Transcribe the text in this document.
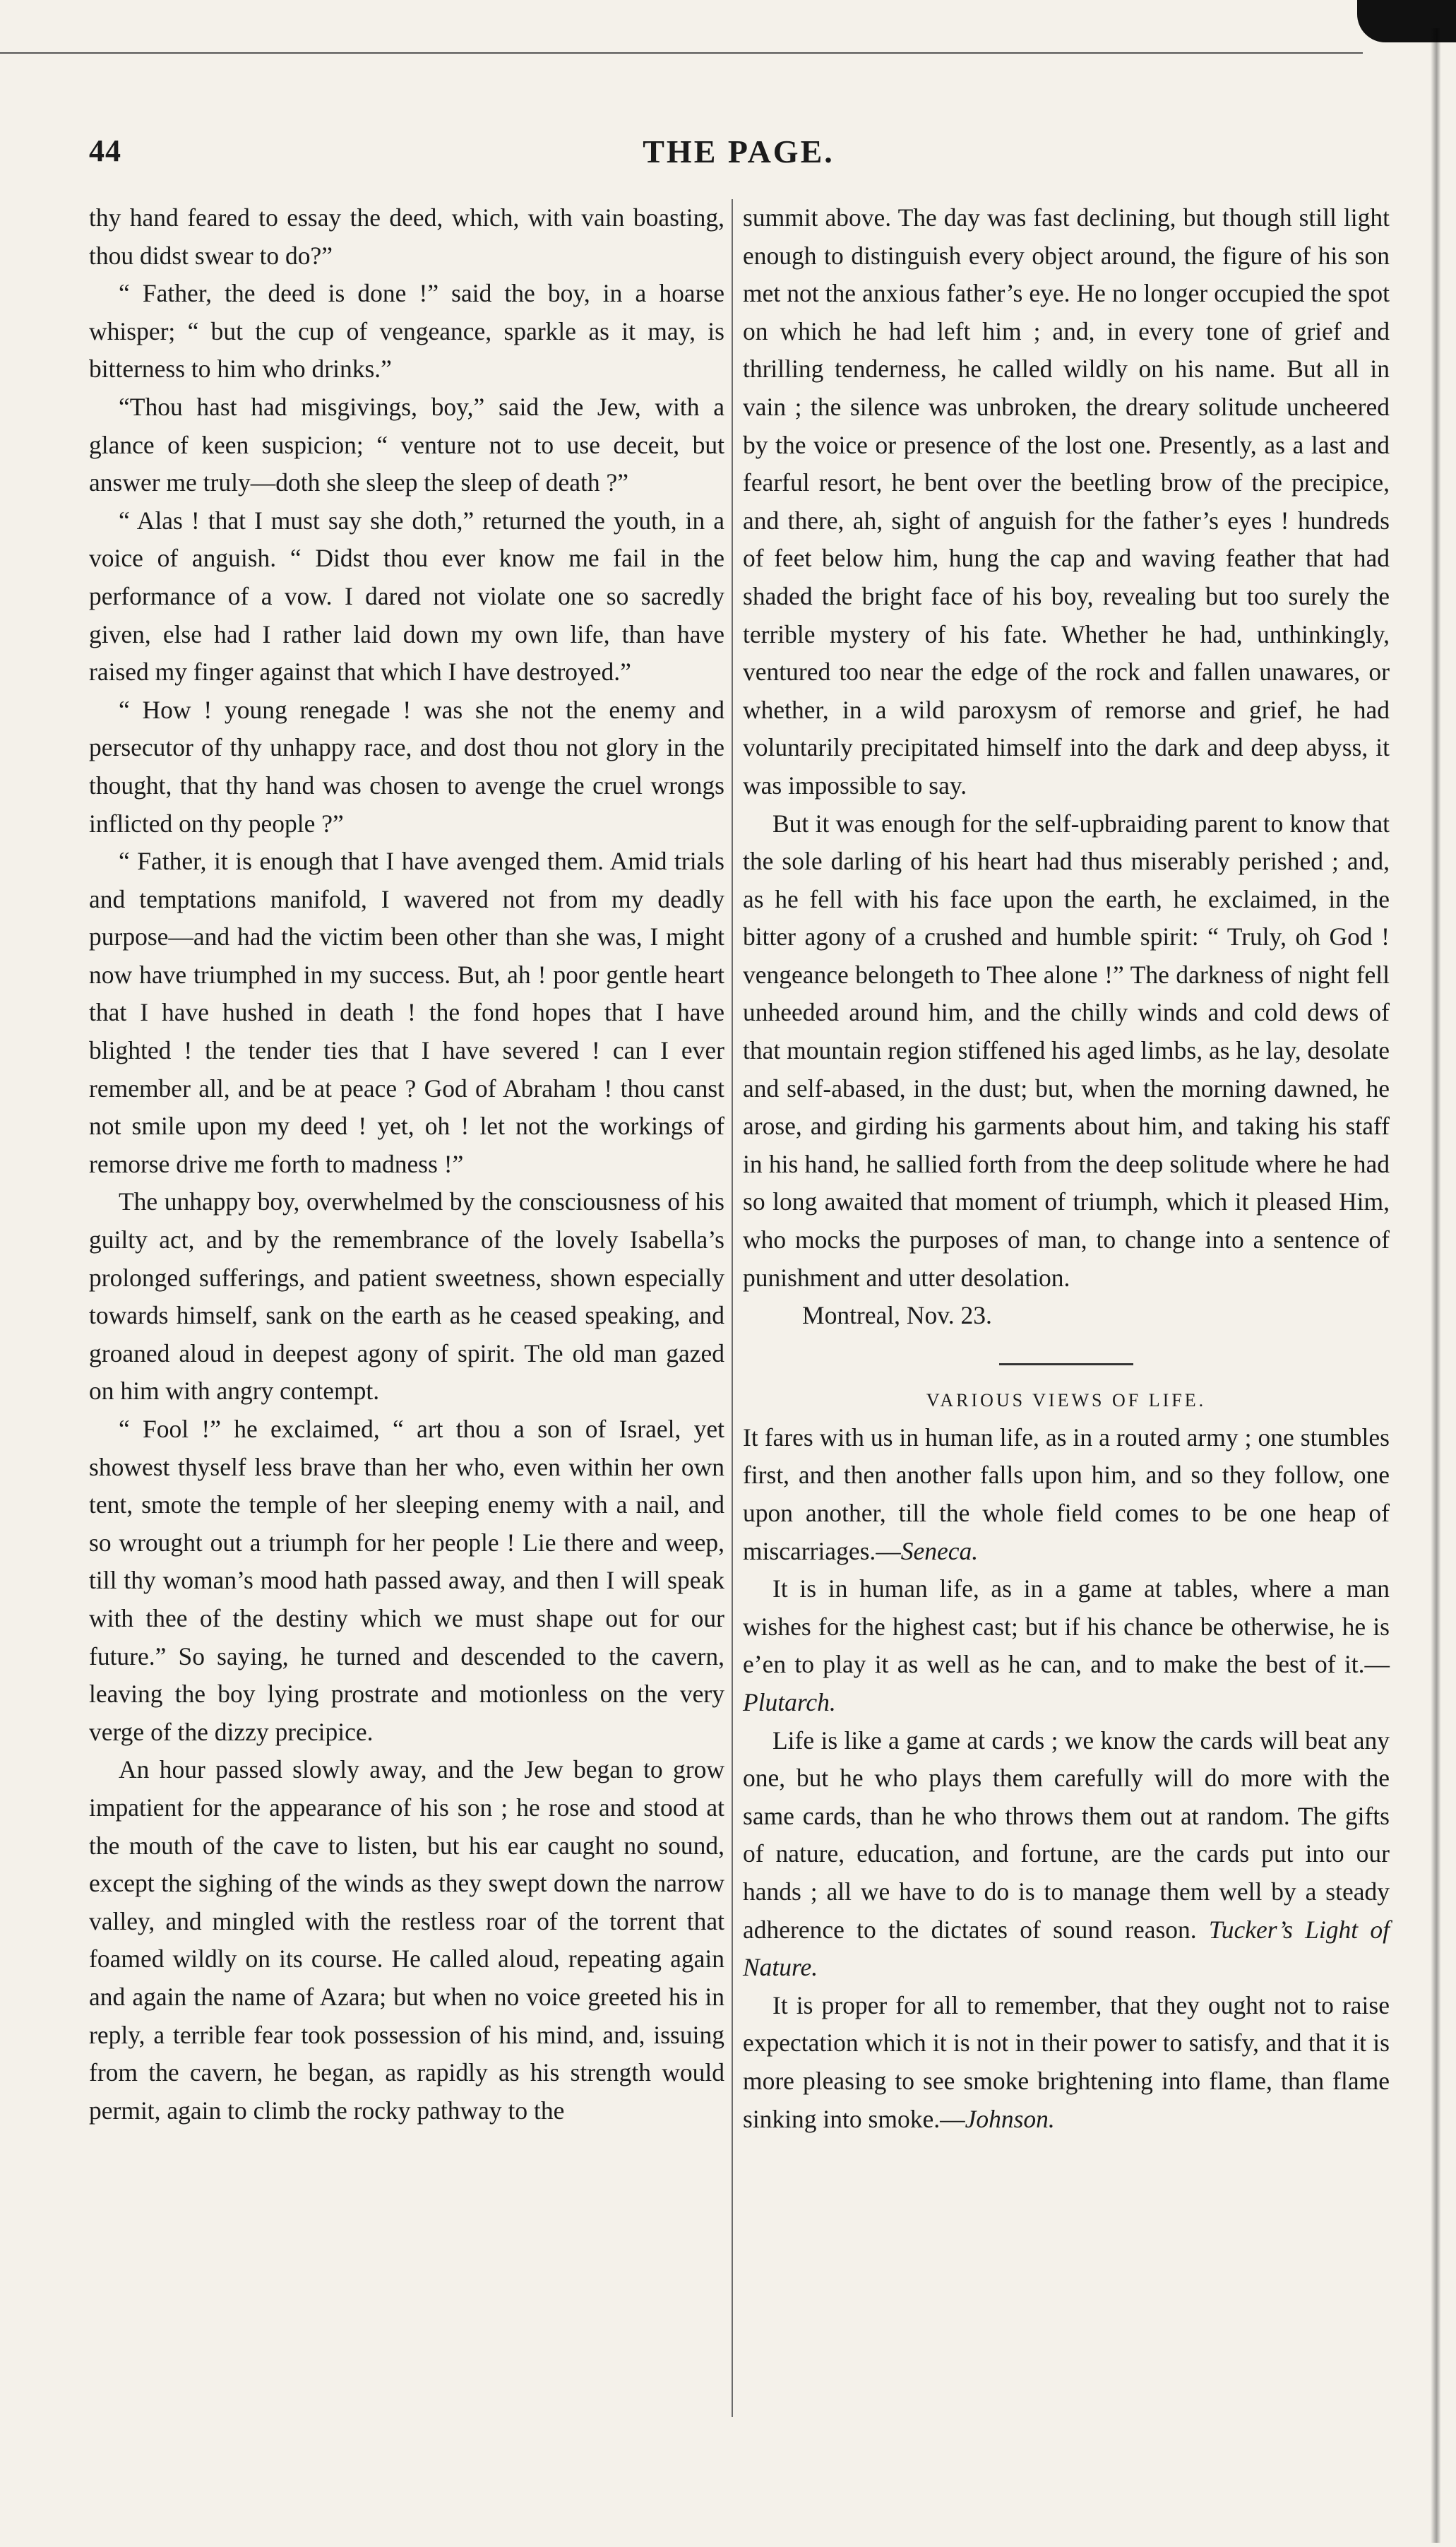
44	THE PAGE.

thy hand feared to essay the deed, which, with vain boasting, thou didst swear to do?”

“ Father, the deed is done !” said the boy, in a hoarse whisper; “ but the cup of vengeance, sparkle as it may, is bitterness to him who drinks.”

“Thou hast had misgivings, boy,” said the Jew, with a glance of keen suspicion; “ venture not to use deceit, but answer me truly—doth she sleep the sleep of death ?”

“ Alas ! that I must say she doth,” returned the youth, in a voice of anguish. “ Didst thou ever know me fail in the performance of a vow. I dared not violate one so sacredly given, else had I rather laid down my own life, than have raised my finger against that which I have destroyed.”

“ How ! young renegade ! was she not the enemy and persecutor of thy unhappy race, and dost thou not glory in the thought, that thy hand was chosen to avenge the cruel wrongs inflicted on thy people ?”

“ Father, it is enough that I have avenged them. Amid trials and temptations manifold, I wavered not from my deadly purpose—and had the victim been other than she was, I might now have triumphed in my success. But, ah ! poor gentle heart that I have hushed in death ! the fond hopes that I have blighted ! the tender ties that I have severed ! can I ever remember all, and be at peace ? God of Abraham ! thou canst not smile upon my deed ! yet, oh ! let not the workings of remorse drive me forth to madness !”

The unhappy boy, overwhelmed by the consciousness of his guilty act, and by the remembrance of the lovely Isabella’s prolonged sufferings, and patient sweetness, shown especially towards himself, sank on the earth as he ceased speaking, and groaned aloud in deepest agony of spirit. The old man gazed on him with angry contempt.

“ Fool !” he exclaimed, “ art thou a son of Israel, yet showest thyself less brave than her who, even within her own tent, smote the temple of her sleeping enemy with a nail, and so wrought out a triumph for her people ! Lie there and weep, till thy woman’s mood hath passed away, and then I will speak with thee of the destiny which we must shape out for our future.” So saying, he turned and descended to the cavern, leaving the boy lying prostrate and motionless on the very verge of the dizzy precipice.

An hour passed slowly away, and the Jew began to grow impatient for the appearance of his son ; he rose and stood at the mouth of the cave to listen, but his ear caught no sound, except the sighing of the winds as they swept down the narrow valley, and mingled with the restless roar of the torrent that foamed wildly on its course. He called aloud, repeating again and again the name of Azara; but when no voice greeted his in reply, a terrible fear took possession of his mind, and, issuing from the cavern, he began, as rapidly as his strength would permit, again to climb the rocky pathway to the

summit above. The day was fast declining, but though still light enough to distinguish every object around, the figure of his son met not the anxious father’s eye. He no longer occupied the spot on which he had left him ; and, in every tone of grief and thrilling tenderness, he called wildly on his name. But all in vain ; the silence was unbroken, the dreary solitude uncheered by the voice or presence of the lost one. Presently, as a last and fearful resort, he bent over the beetling brow of the precipice, and there, ah, sight of anguish for the father’s eyes ! hundreds of feet below him, hung the cap and waving feather that had shaded the bright face of his boy, revealing but too surely the terrible mystery of his fate. Whether he had, unthinkingly, ventured too near the edge of the rock and fallen unawares, or whether, in a wild paroxysm of remorse and grief, he had voluntarily precipitated himself into the dark and deep abyss, it was impossible to say.

But it was enough for the self-upbraiding parent to know that the sole darling of his heart had thus miserably perished ; and, as he fell with his face upon the earth, he exclaimed, in the bitter agony of a crushed and humble spirit: “ Truly, oh God ! vengeance belongeth to Thee alone !” The darkness of night fell unheeded around him, and the chilly winds and cold dews of that mountain region stiffened his aged limbs, as he lay, desolate and self-abased, in the dust; but, when the morning dawned, he arose, and girding his garments about him, and taking his staff in his hand, he sallied forth from the deep solitude where he had so long awaited that moment of triumph, which it pleased Him, who mocks the purposes of man, to change into a sentence of punishment and utter desolation.

Montreal, Nov. 23.

VARIOUS VIEWS OF LIFE.

It fares with us in human life, as in a routed army ; one stumbles first, and then another falls upon him, and so they follow, one upon another, till the whole field comes to be one heap of miscarriages.—Seneca.

It is in human life, as in a game at tables, where a man wishes for the highest cast; but if his chance be otherwise, he is e’en to play it as well as he can, and to make the best of it.—Plutarch.

Life is like a game at cards ; we know the cards will beat any one, but he who plays them carefully will do more with the same cards, than he who throws them out at random. The gifts of nature, education, and fortune, are the cards put into our hands ; all we have to do is to manage them well by a steady adherence to the dictates of sound reason. Tucker’s Light of Nature.

It is proper for all to remember, that they ought not to raise expectation which it is not in their power to satisfy, and that it is more pleasing to see smoke brightening into flame, than flame sinking into smoke.—Johnson.
